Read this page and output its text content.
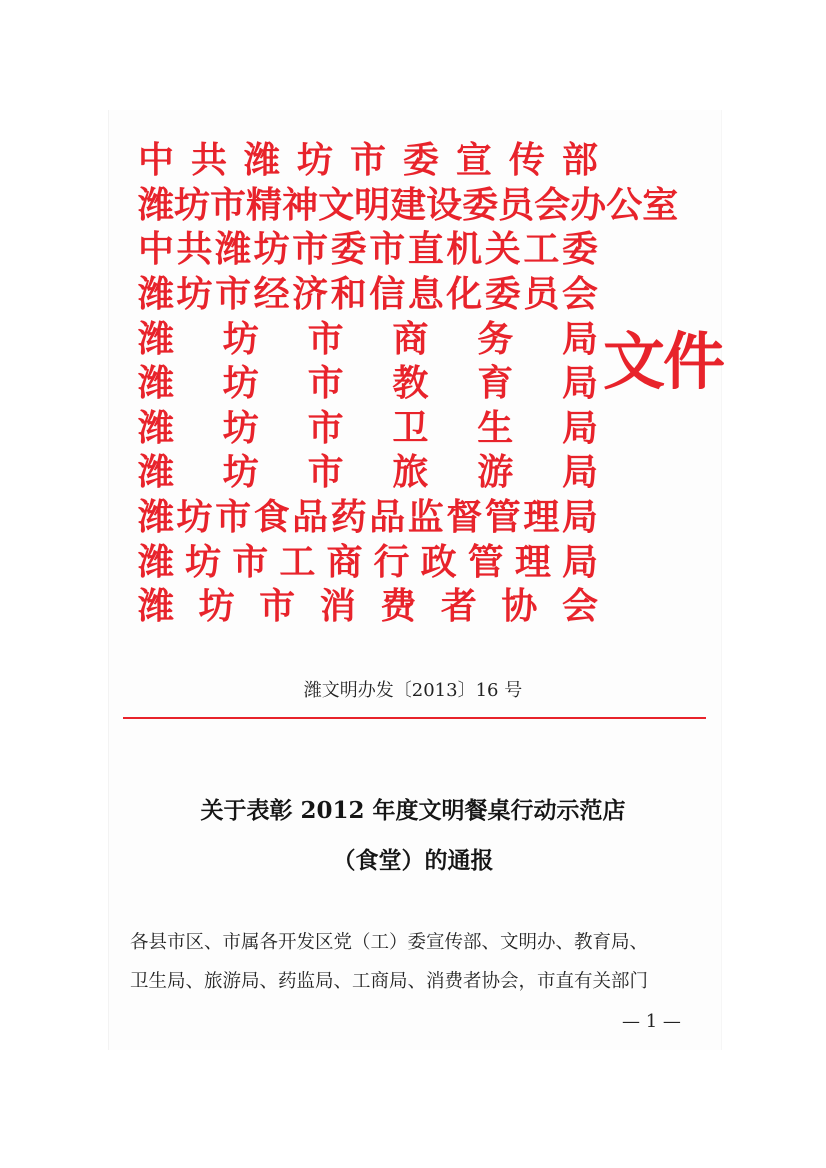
中 共 潍 坊 市 委 宣 传 部
潍 坊 市 精 神 文 明 建 设 委 员 会 办 公 室
中 共 潍 坊 市 委 市 直 机 关 工 委
潍 坊 市 经 济 和 信 息 化 委 员 会
潍 坊 市 商 务 局
潍 坊 市 教 育 局
潍 坊 市 卫 生 局
潍 坊 市 旅 游 局
潍 坊 市 食 品 药 品 监 督 管 理 局
潍 坊 市 工 商 行 政 管 理 局
潍 坊 市 消 费 者 协 会
文件
潍文明办发〔2013〕16 号
关于表彰 2012 年度文明餐桌行动示范店
（食堂）的通报
各县市区、市属各开发区党（工）委宣传部、文明办、教育局、
卫生局、旅游局、药监局、工商局、消费者协会，市直有关部门
— 1 —
